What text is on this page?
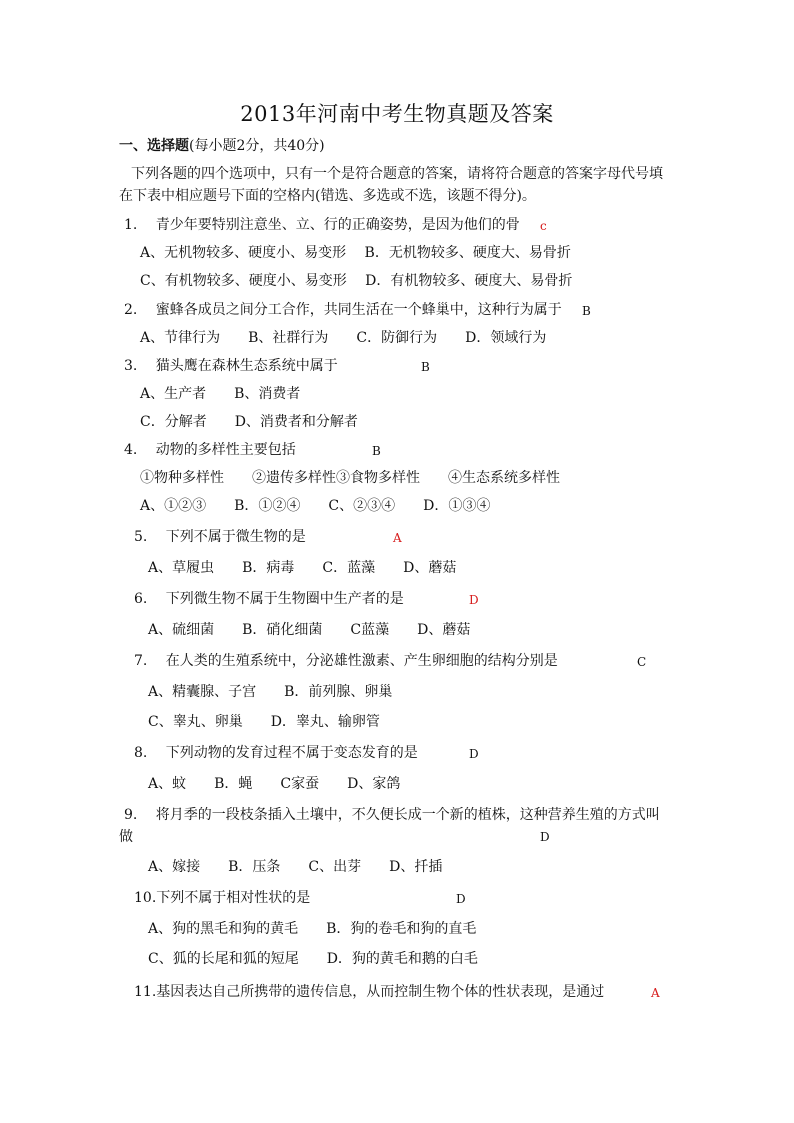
2013年河南中考生物真题及答案
一、选择题(每小题2分，共40分)
下列各题的四个选项中，只有一个是符合题意的答案，请将符合题意的答案字母代号填
在下表中相应题号下面的空格内(错选、多选或不选，该题不得分)。
1.　 青少年要特别注意坐、立、行的正确姿势，是因为他们的骨 c
A、无机物较多、硬度小、易变形　 B．无机物较多、硬度大、易骨折
C、有机物较多、硬度小、易变形　 D．有机物较多、硬度大、易骨折
2.　 蜜蜂各成员之间分工合作，共同生活在一个蜂巢中，这种行为属于 B
A、节律行为　　B、社群行为　　C．防御行为　　D．领域行为
3.　 猫头鹰在森林生态系统中属于	B
A、生产者　　B、消费者
C．分解者　　D、消费者和分解者
4.　 动物的多样性主要包括	B
①物种多样性　　②遗传多样性③食物多样性　　④生态系统多样性
A、①②③　　B．①②④　　C、②③④　　D．①③④
5.　 下列不属于微生物的是	A
A、草履虫　　B．病毒　　C．蓝藻　　D、蘑菇
6.　 下列微生物不属于生物圈中生产者的是	D
A、硫细菌　　B．硝化细菌　　C蓝藻　　D、蘑菇
7.　 在人类的生殖系统中，分泌雄性激素、产生卵细胞的结构分别是	C
A、精囊腺、子宫　　B．前列腺、卵巢
C、睾丸、卵巢　　D．睾丸、输卵管
8.　 下列动物的发育过程不属于变态发育的是	D
A、蚊　　B．蝇　　C家蚕　　D、家鸽
9.　 将月季的一段枝条插入土壤中，不久便长成一个新的植株，这种营养生殖的方式叫
做	D
A、嫁接　　B．压条　　C、出芽　　D、扦插
10.下列不属于相对性状的是	D
A、狗的黑毛和狗的黄毛　　B．狗的卷毛和狗的直毛
C、狐的长尾和狐的短尾　　D．狗的黄毛和鹅的白毛
11.基因表达自己所携带的遗传信息，从而控制生物个体的性状表现，是通过	A
